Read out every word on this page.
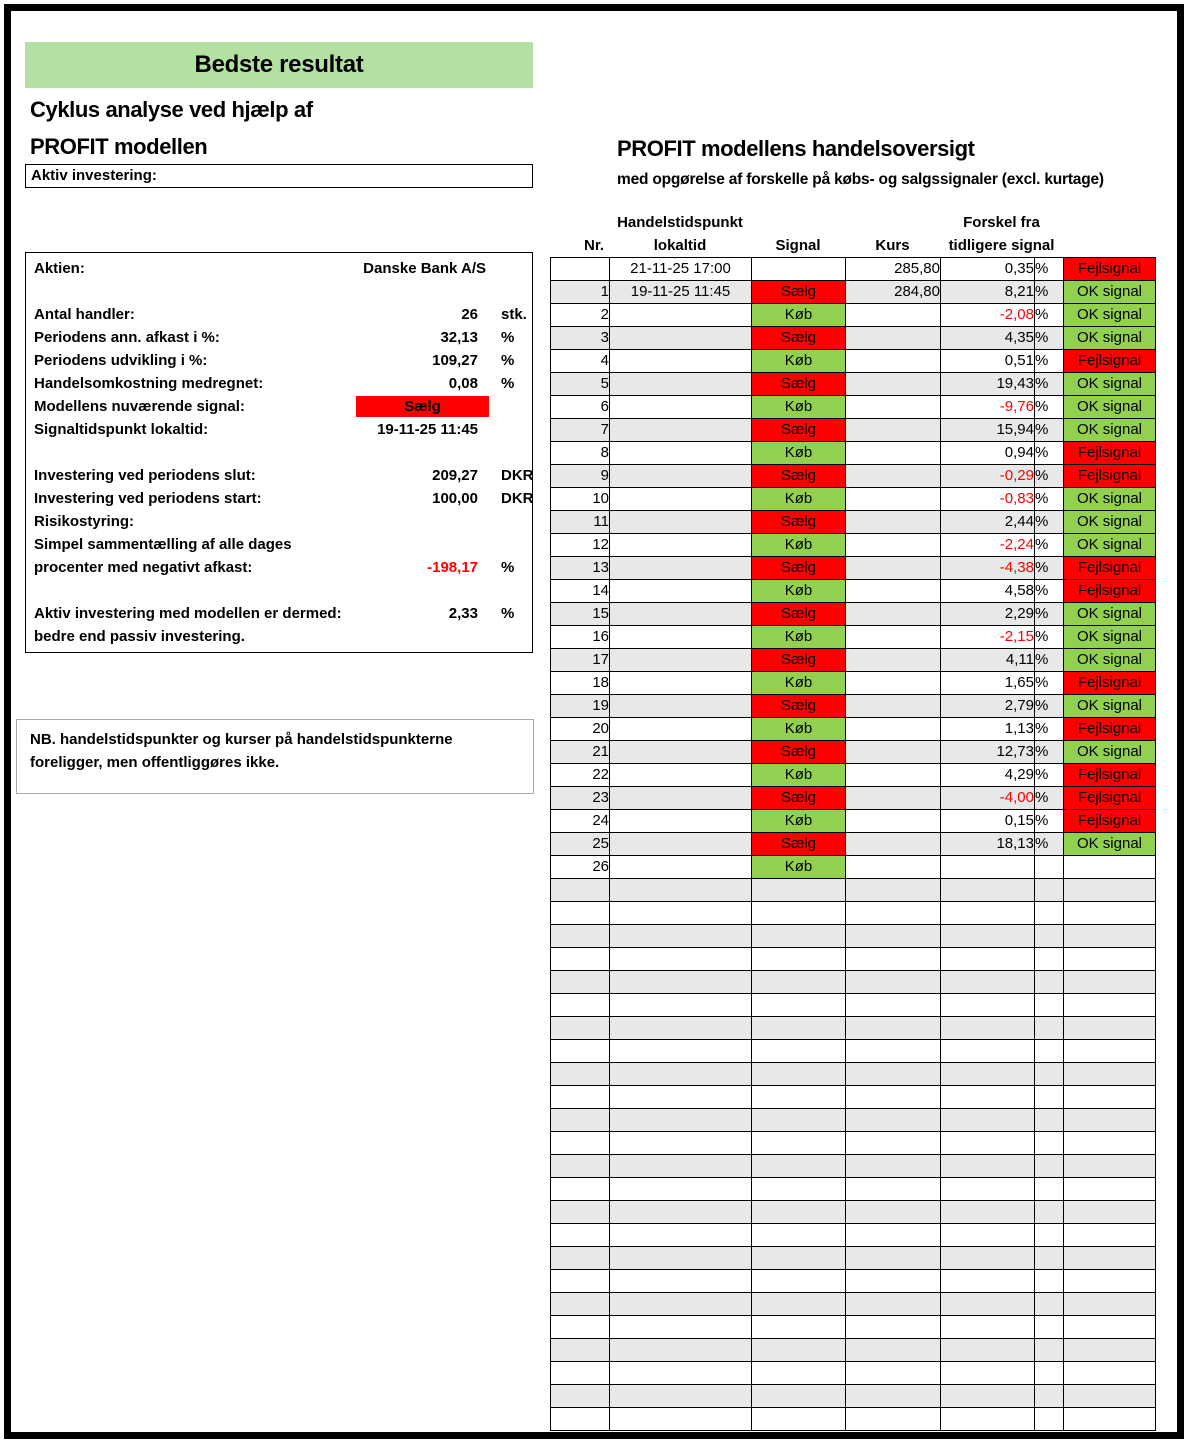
Bedste resultat
Cyklus analyse ved hjælp af
PROFIT modellen
Aktiv investering:
Aktien:	Danske Bank A/S
Antal handler:	26	stk.
Periodens ann. afkast i %:	32,13	%
Periodens udvikling i %:	109,27	%
Handelsomkostning medregnet:	0,08	%
Modellens nuværende signal:	Sælg
Signaltidspunkt lokaltid:	19-11-25 11:45
Investering ved periodens slut:	209,27	DKR
Investering ved periodens start:	100,00	DKR
Risikostyring:
Simpel sammentælling af alle dages
procenter med negativt afkast:	-198,17	%
Aktiv investering med modellen er dermed:	2,33	%
bedre end passiv investering.
NB. handelstidspunkter og kurser på handelstidspunkterne
foreligger, men offentliggøres ikke.
PROFIT modellens handelsoversigt
med opgørelse af forskelle på købs- og salgssignaler (excl. kurtage)
Handelstidspunkt	Forskel fra
Nr.	lokaltid	Signal	Kurs	tidligere signal
	21-11-25 17:00		285,80	0,35	%	Fejlsignal
1	19-11-25 11:45	Sælg	284,80	8,21	%	OK signal
2		Køb		-2,08	%	OK signal
3		Sælg		4,35	%	OK signal
4		Køb		0,51	%	Fejlsignal
5		Sælg		19,43	%	OK signal
6		Køb		-9,76	%	OK signal
7		Sælg		15,94	%	OK signal
8		Køb		0,94	%	Fejlsignal
9		Sælg		-0,29	%	Fejlsignal
10		Køb		-0,83	%	OK signal
11		Sælg		2,44	%	OK signal
12		Køb		-2,24	%	OK signal
13		Sælg		-4,38	%	Fejlsignal
14		Køb		4,58	%	Fejlsignal
15		Sælg		2,29	%	OK signal
16		Køb		-2,15	%	OK signal
17		Sælg		4,11	%	OK signal
18		Køb		1,65	%	Fejlsignal
19		Sælg		2,79	%	OK signal
20		Køb		1,13	%	Fejlsignal
21		Sælg		12,73	%	OK signal
22		Køb		4,29	%	Fejlsignal
23		Sælg		-4,00	%	Fejlsignal
24		Køb		0,15	%	Fejlsignal
25		Sælg		18,13	%	OK signal
26		Køb				
